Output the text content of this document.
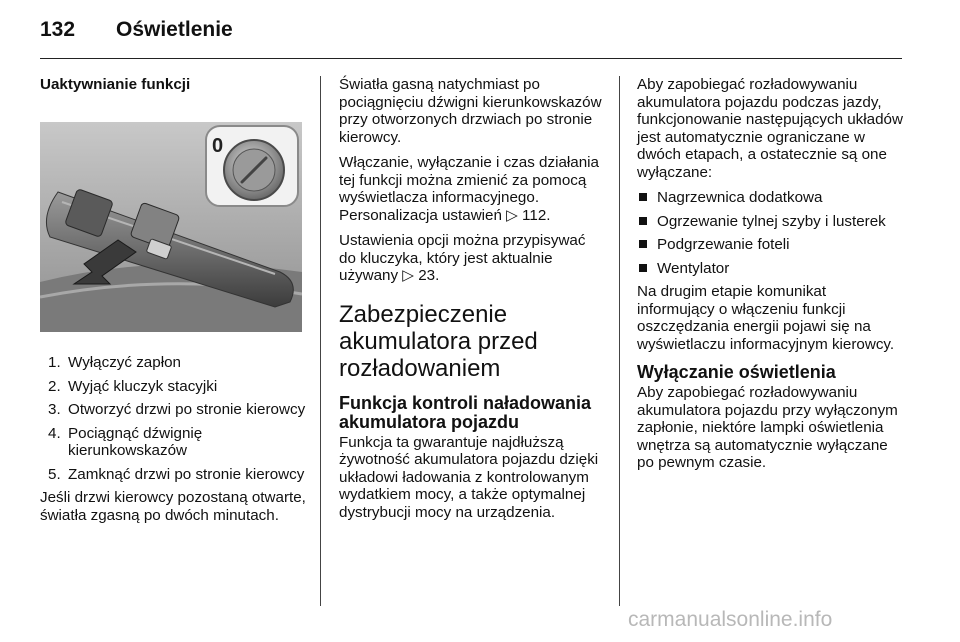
132 Oświetlenie
Uaktywnianie funkcji
0
1. Wyłączyć zapłon
2. Wyjąć kluczyk stacyjki
3. Otworzyć drzwi po stronie kierowcy
4. Pociągnąć dźwignię kierunkowskazów
5. Zamknąć drzwi po stronie kierowcy

Jeśli drzwi kierowcy pozostaną otwarte, światła zgasną po dwóch minutach.

Światła gasną natychmiast po pociągnięciu dźwigni kierunkowskazów przy otworzonych drzwiach po stronie kierowcy.

Włączanie, wyłączanie i czas działania tej funkcji można zmienić za pomocą wyświetlacza informacyjnego. Personalizacja ustawień ▷ 112.

Ustawienia opcji można przypisywać do kluczyka, który jest aktualnie używany ▷ 23.

Zabezpieczenie akumulatora przed rozładowaniem
Funkcja kontroli naładowania akumulatora pojazdu

Funkcja ta gwarantuje najdłuższą żywotność akumulatora pojazdu dzięki układowi ładowania z kontrolowanym wydatkiem mocy, a także optymalnej dystrybucji mocy na urządzenia.

Aby zapobiegać rozładowywaniu akumulatora pojazdu podczas jazdy, funkcjonowanie następujących układów jest automatycznie ograniczane w dwóch etapach, a ostatecznie są one wyłączane:

Nagrzewnica dodatkowa
Ogrzewanie tylnej szyby i lusterek
Podgrzewanie foteli
Wentylator

Na drugim etapie komunikat informujący o włączeniu funkcji oszczędzania energii pojawi się na wyświetlaczu informacyjnym kierowcy.

Wyłączanie oświetlenia

Aby zapobiegać rozładowywaniu akumulatora pojazdu przy wyłączonym zapłonie, niektóre lampki oświetlenia wnętrza są automatycznie wyłączane po pewnym czasie.

carmanualsonline.info
